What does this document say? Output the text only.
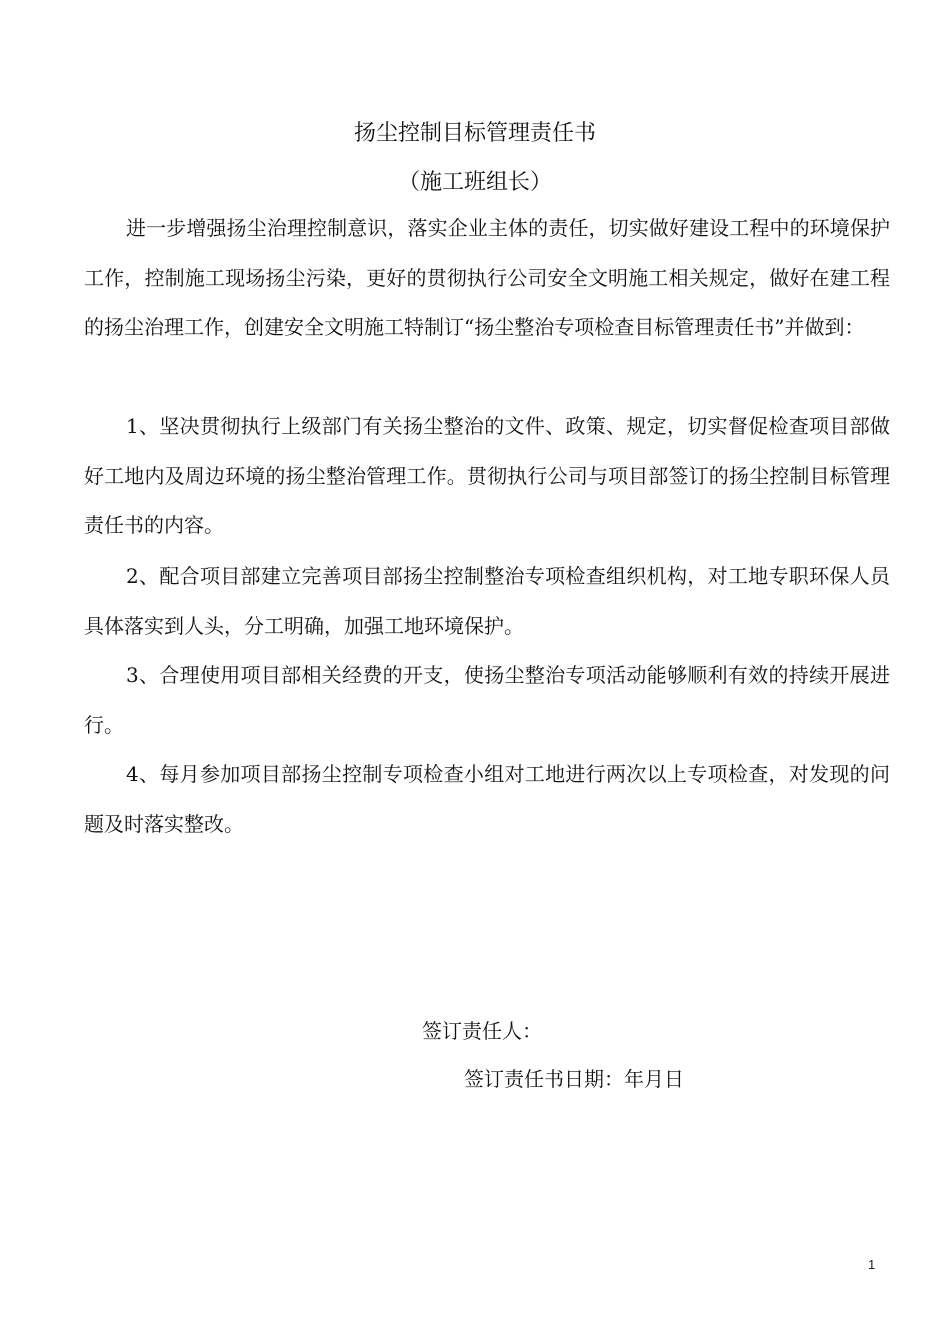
扬尘控制目标管理责任书
（施工班组长）

进一步增强扬尘治理控制意识，落实企业主体的责任，切实做好建设工程中的环境保护工作，控制施工现场扬尘污染，更好的贯彻执行公司安全文明施工相关规定，做好在建工程的扬尘治理工作，创建安全文明施工特制订“扬尘整治专项检查目标管理责任书”并做到：

1、坚决贯彻执行上级部门有关扬尘整治的文件、政策、规定，切实督促检查项目部做好工地内及周边环境的扬尘整治管理工作。贯彻执行公司与项目部签订的扬尘控制目标管理责任书的内容。

2、配合项目部建立完善项目部扬尘控制整治专项检查组织机构，对工地专职环保人员具体落实到人头，分工明确，加强工地环境保护。

3、合理使用项目部相关经费的开支，使扬尘整治专项活动能够顺利有效的持续开展进行。

4、每月参加项目部扬尘控制专项检查小组对工地进行两次以上专项检查，对发现的问题及时落实整改。

签订责任人：
签订责任书日期：年月日
1
